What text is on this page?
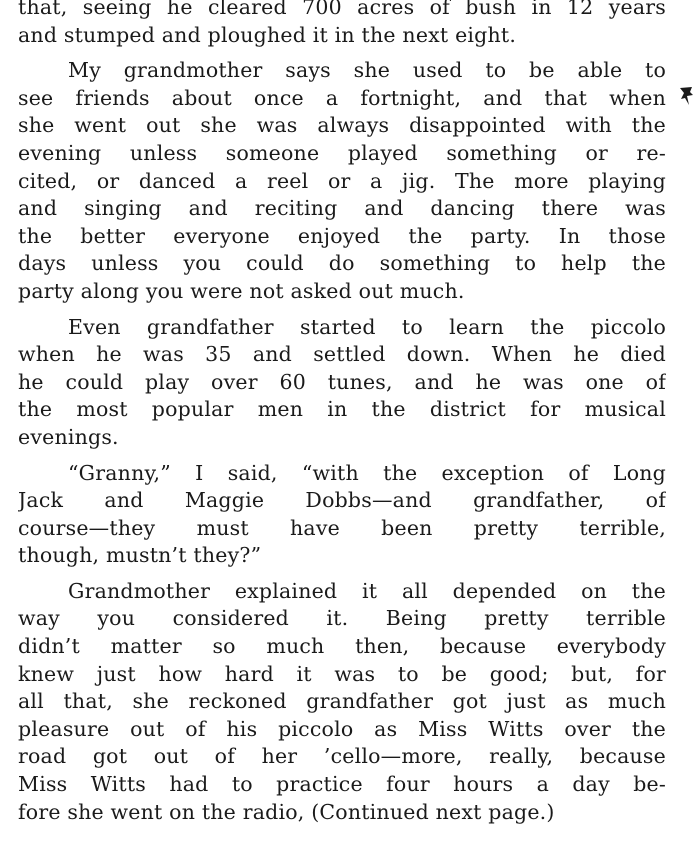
that, seeing he cleared 700 acres of bush in 12 years
and stumped and ploughed it in the next eight.
My grandmother says she used to be able to
see friends about once a fortnight, and that when
she went out she was always disappointed with the
evening unless someone played something or re-
cited, or danced a reel or a jig. The more playing
and singing and reciting and dancing there was
the better everyone enjoyed the party. In those
days unless you could do something to help the
party along you were not asked out much.
Even grandfather started to learn the piccolo
when he was 35 and settled down. When he died
he could play over 60 tunes, and he was one of
the most popular men in the district for musical
evenings.
“Granny,” I said, “with the exception of Long
Jack and Maggie Dobbs—and grandfather, of
course—they must have been pretty terrible,
though, mustn’t they?”
Grandmother explained it all depended on the
way you considered it. Being pretty terrible
didn’t matter so much then, because everybody
knew just how hard it was to be good; but, for
all that, she reckoned grandfather got just as much
pleasure out of his piccolo as Miss Witts over the
road got out of her ’cello—more, really, because
Miss Witts had to practice four hours a day be-
fore she went on the radio, (Continued next page.)
